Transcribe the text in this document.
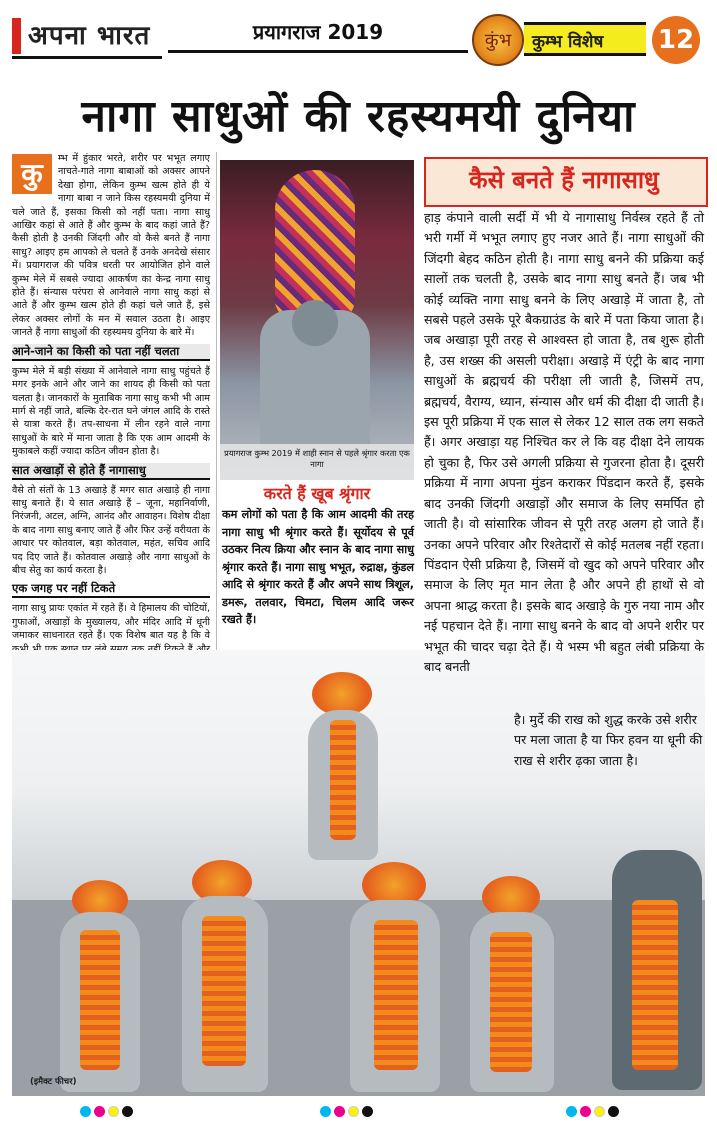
अपना भारत	प्रयागराज 2019	कुंभ	कुम्भ विशेष	12
नागा साधुओं की रहस्यमयी दुनिया
कु	म्भ में हुंकार भरते, शरीर पर भभूत लगाए नाचते-गाते नागा बाबाओं को अक्सर आपने देखा होगा, लेकिन कुम्भ खत्म होते ही ये नागा बाबा न जाने किस रहस्यमयी दुनिया में चले जाते हैं, इसका किसी को नहीं पता। नागा साधु आखिर कहां से आते हैं और कुम्भ के बाद कहां जाते हैं? कैसी होती है उनकी जिंदगी और वो कैसे बनते हैं नागा साधु? आइए हम आपको ले चलते हैं उनके अनदेखे संसार में। प्रयागराज की पवित्र धरती पर आयोजित होने वाले कुम्भ मेले में सबसे ज्यादा आकर्षण का केन्द्र नागा साधु होते हैं। संन्यास परंपरा से आनेवाले नागा साधु कहां से आते हैं और कुम्भ खत्म होते ही कहां चले जाते हैं, इसे लेकर अक्सर लोगों के मन में सवाल उठता है। आइए जानते हैं नागा साधुओं की रहस्यमय दुनिया के बारे में।
आने-जाने का किसी को पता नहीं चलता
कुम्भ मेले में बड़ी संख्या में आनेवाले नागा साधु पहुंचते हैं मगर इनके आने और जाने का शायद ही किसी को पता चलता है। जानकारों के मुताबिक नागा साधु कभी भी आम मार्ग से नहीं जाते, बल्कि देर-रात घने जंगल आदि के रास्ते से यात्रा करते हैं। तप-साधना में लीन रहने वाले नागा साधुओं के बारे में माना जाता है कि एक आम आदमी के मुकाबले कहीं ज्यादा कठिन जीवन होता है।
सात अखाड़ों से होते हैं नागासाधु
वैसे तो संतों के 13 अखाड़े हैं मगर सात अखाड़े ही नागा साधु बनाते हैं। ये सात अखाड़े हैं – जूना, महानिर्वाणी, निरंजनी, अटल, अग्नि, आनंद और आवाहन। विशेष दीक्षा के बाद नागा साधु बनाए जाते हैं और फिर उन्हें वरीयता के आधार पर कोतवाल, बड़ा कोतवाल, महंत, सचिव आदि पद दिए जाते हैं। कोतवाल अखाड़े और नागा साधुओं के बीच सेतु का कार्य करता है।
एक जगह पर नहीं टिकते
नागा साधु प्रायः एकांत में रहते हैं। वे हिमालय की चोटियों, गुफाओं, अखाड़ों के मुख्यालय, और मंदिर आदि में धूनी जमाकर साधनारत रहते हैं। एक विशेष बात यह है कि वे
(इमैक्ट फीचर)
प्रयागराज कुम्भ 2019 में शाही स्नान से पहले श्रृंगार करता एक नागा
करते हैं खूब श्रृंगार
कम लोगों को पता है कि आम आदमी की तरह नागा साधु भी श्रृंगार करते हैं। सूर्योदय से पूर्व उठकर नित्य क्रिया और स्नान के बाद नागा साधु श्रृंगार करते हैं। नागा साधु भभूत, रुद्राक्ष, कुंडल आदि से श्रृंगार करते हैं और अपने साथ त्रिशूल, डमरू, तलवार, चिमटा, चिलम आदि जरूर रखते हैं।
कैसे बनते हैं नागासाधु
हाड़ कंपाने वाली सर्दी में भी ये नागासाधु निर्वस्त्र रहते हैं तो भरी गर्मी में भभूत लगाए हुए नजर आते हैं। नागा साधुओं की जिंदगी बेहद कठिन होती है। नागा साधु बनने की प्रक्रिया कई सालों तक चलती है, उसके बाद नागा साधु बनते हैं। जब भी कोई व्यक्ति नागा साधु बनने के लिए अखाड़े में जाता है, तो सबसे पहले उसके पूरे बैकग्राउंड के बारे में पता किया जाता है। जब अखाड़ा पूरी तरह से आश्वस्त हो जाता है, तब शुरू होती है, उस शख्स की असली परीक्षा। अखाड़े में एंट्री के बाद नागा साधुओं के ब्रह्मचर्य की परीक्षा ली जाती है, जिसमें तप, ब्रह्मचर्य, वैराग्य, ध्यान, संन्यास और धर्म की दीक्षा दी जाती है। इस पूरी प्रक्रिया में एक साल से लेकर 12 साल तक लग सकते हैं। अगर अखाड़ा यह निश्चित कर ले कि वह दीक्षा देने लायक हो चुका है, फिर उसे अगली प्रक्रिया से गुजरना होता है। दूसरी प्रक्रिया में नागा अपना मुंडन कराकर पिंडदान करते हैं, इसके बाद उनकी जिंदगी अखाड़ों और समाज के लिए समर्पित हो जाती है। वो सांसारिक जीवन से पूरी तरह अलग हो जाते हैं। उनका अपने परिवार और रिश्तेदारों से कोई मतलब नहीं रहता। पिंडदान ऐसी प्रक्रिया है, जिसमें वो खुद को अपने परिवार और समाज के लिए मृत मान लेता है और अपने ही हाथों से वो अपना श्राद्ध करता है। इसके बाद अखाड़े के गुरु नया नाम और नई पहचान देते हैं। नागा साधु बनने के बाद वो अपने शरीर पर भभूत की चादर चढ़ा देते हैं। ये भस्म भी बहुत लंबी प्रक्रिया के बाद बनती
है। मुर्दे की राख को शुद्ध करके उसे शरीर पर मला जाता है या फिर हवन या धूनी की राख से शरीर ढ़का जाता है।
